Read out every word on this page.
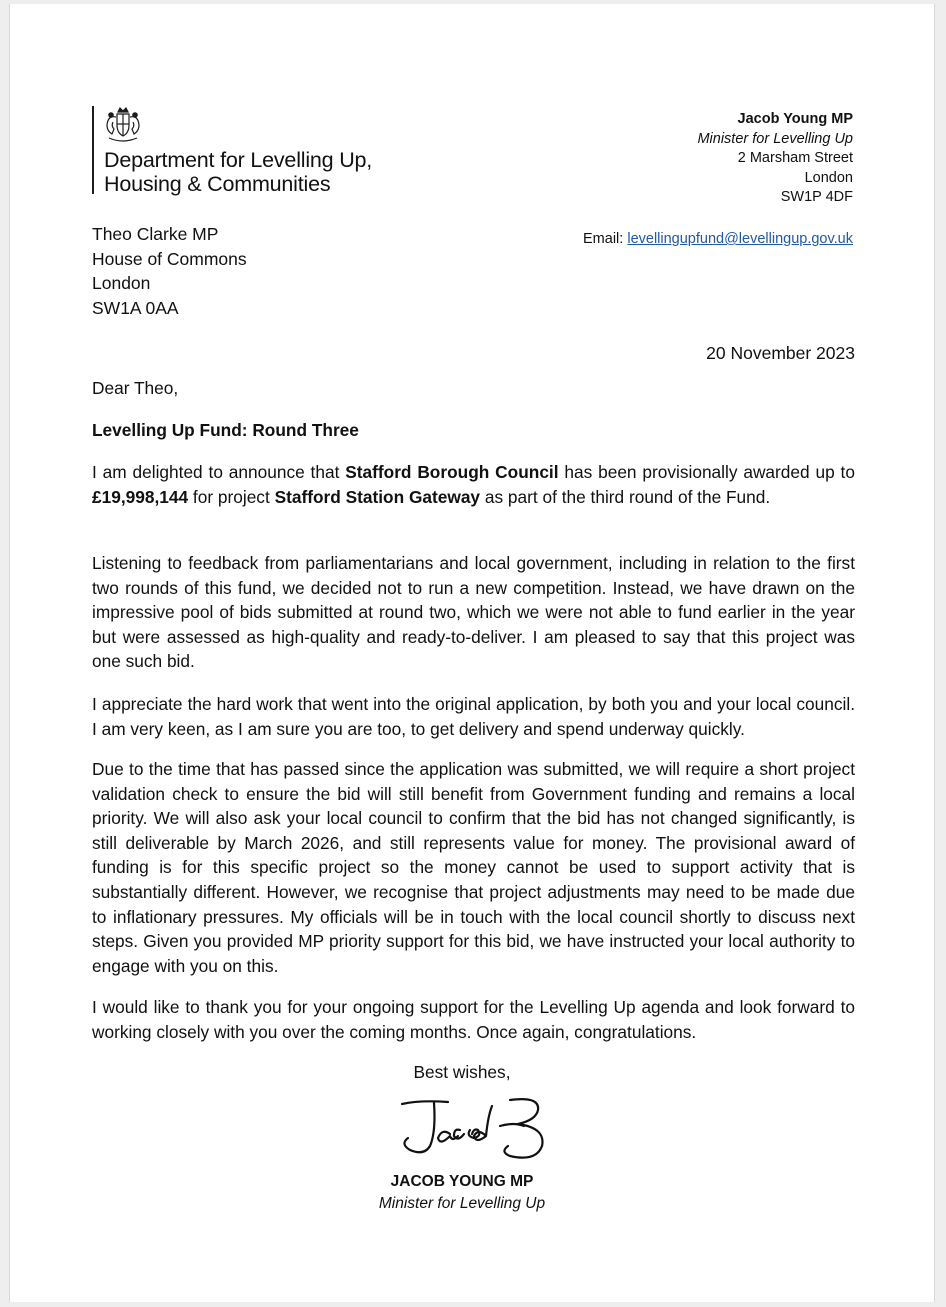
Department for Levelling Up,
Housing & Communities
Jacob Young MP
Minister for Levelling Up
2 Marsham Street
London
SW1P 4DF
Email: levellingupfund@levellingup.gov.uk
Theo Clarke MP
House of Commons
London
SW1A 0AA
20 November 2023
Dear Theo,
Levelling Up Fund: Round Three

I am delighted to announce that Stafford Borough Council has been provisionally awarded up to £19,998,144 for project Stafford Station Gateway as part of the third round of the Fund.

Listening to feedback from parliamentarians and local government, including in relation to the first two rounds of this fund, we decided not to run a new competition. Instead, we have drawn on the impressive pool of bids submitted at round two, which we were not able to fund earlier in the year but were assessed as high-quality and ready-to-deliver. I am pleased to say that this project was one such bid.

I appreciate the hard work that went into the original application, by both you and your local council. I am very keen, as I am sure you are too, to get delivery and spend underway quickly.

Due to the time that has passed since the application was submitted, we will require a short project validation check to ensure the bid will still benefit from Government funding and remains a local priority. We will also ask your local council to confirm that the bid has not changed significantly, is still deliverable by March 2026, and still represents value for money. The provisional award of funding is for this specific project so the money cannot be used to support activity that is substantially different. However, we recognise that project adjustments may need to be made due to inflationary pressures. My officials will be in touch with the local council shortly to discuss next steps. Given you provided MP priority support for this bid, we have instructed your local authority to engage with you on this.

I would like to thank you for your ongoing support for the Levelling Up agenda and look forward to working closely with you over the coming months. Once again, congratulations.

Best wishes,
JACOB YOUNG MP
Minister for Levelling Up
